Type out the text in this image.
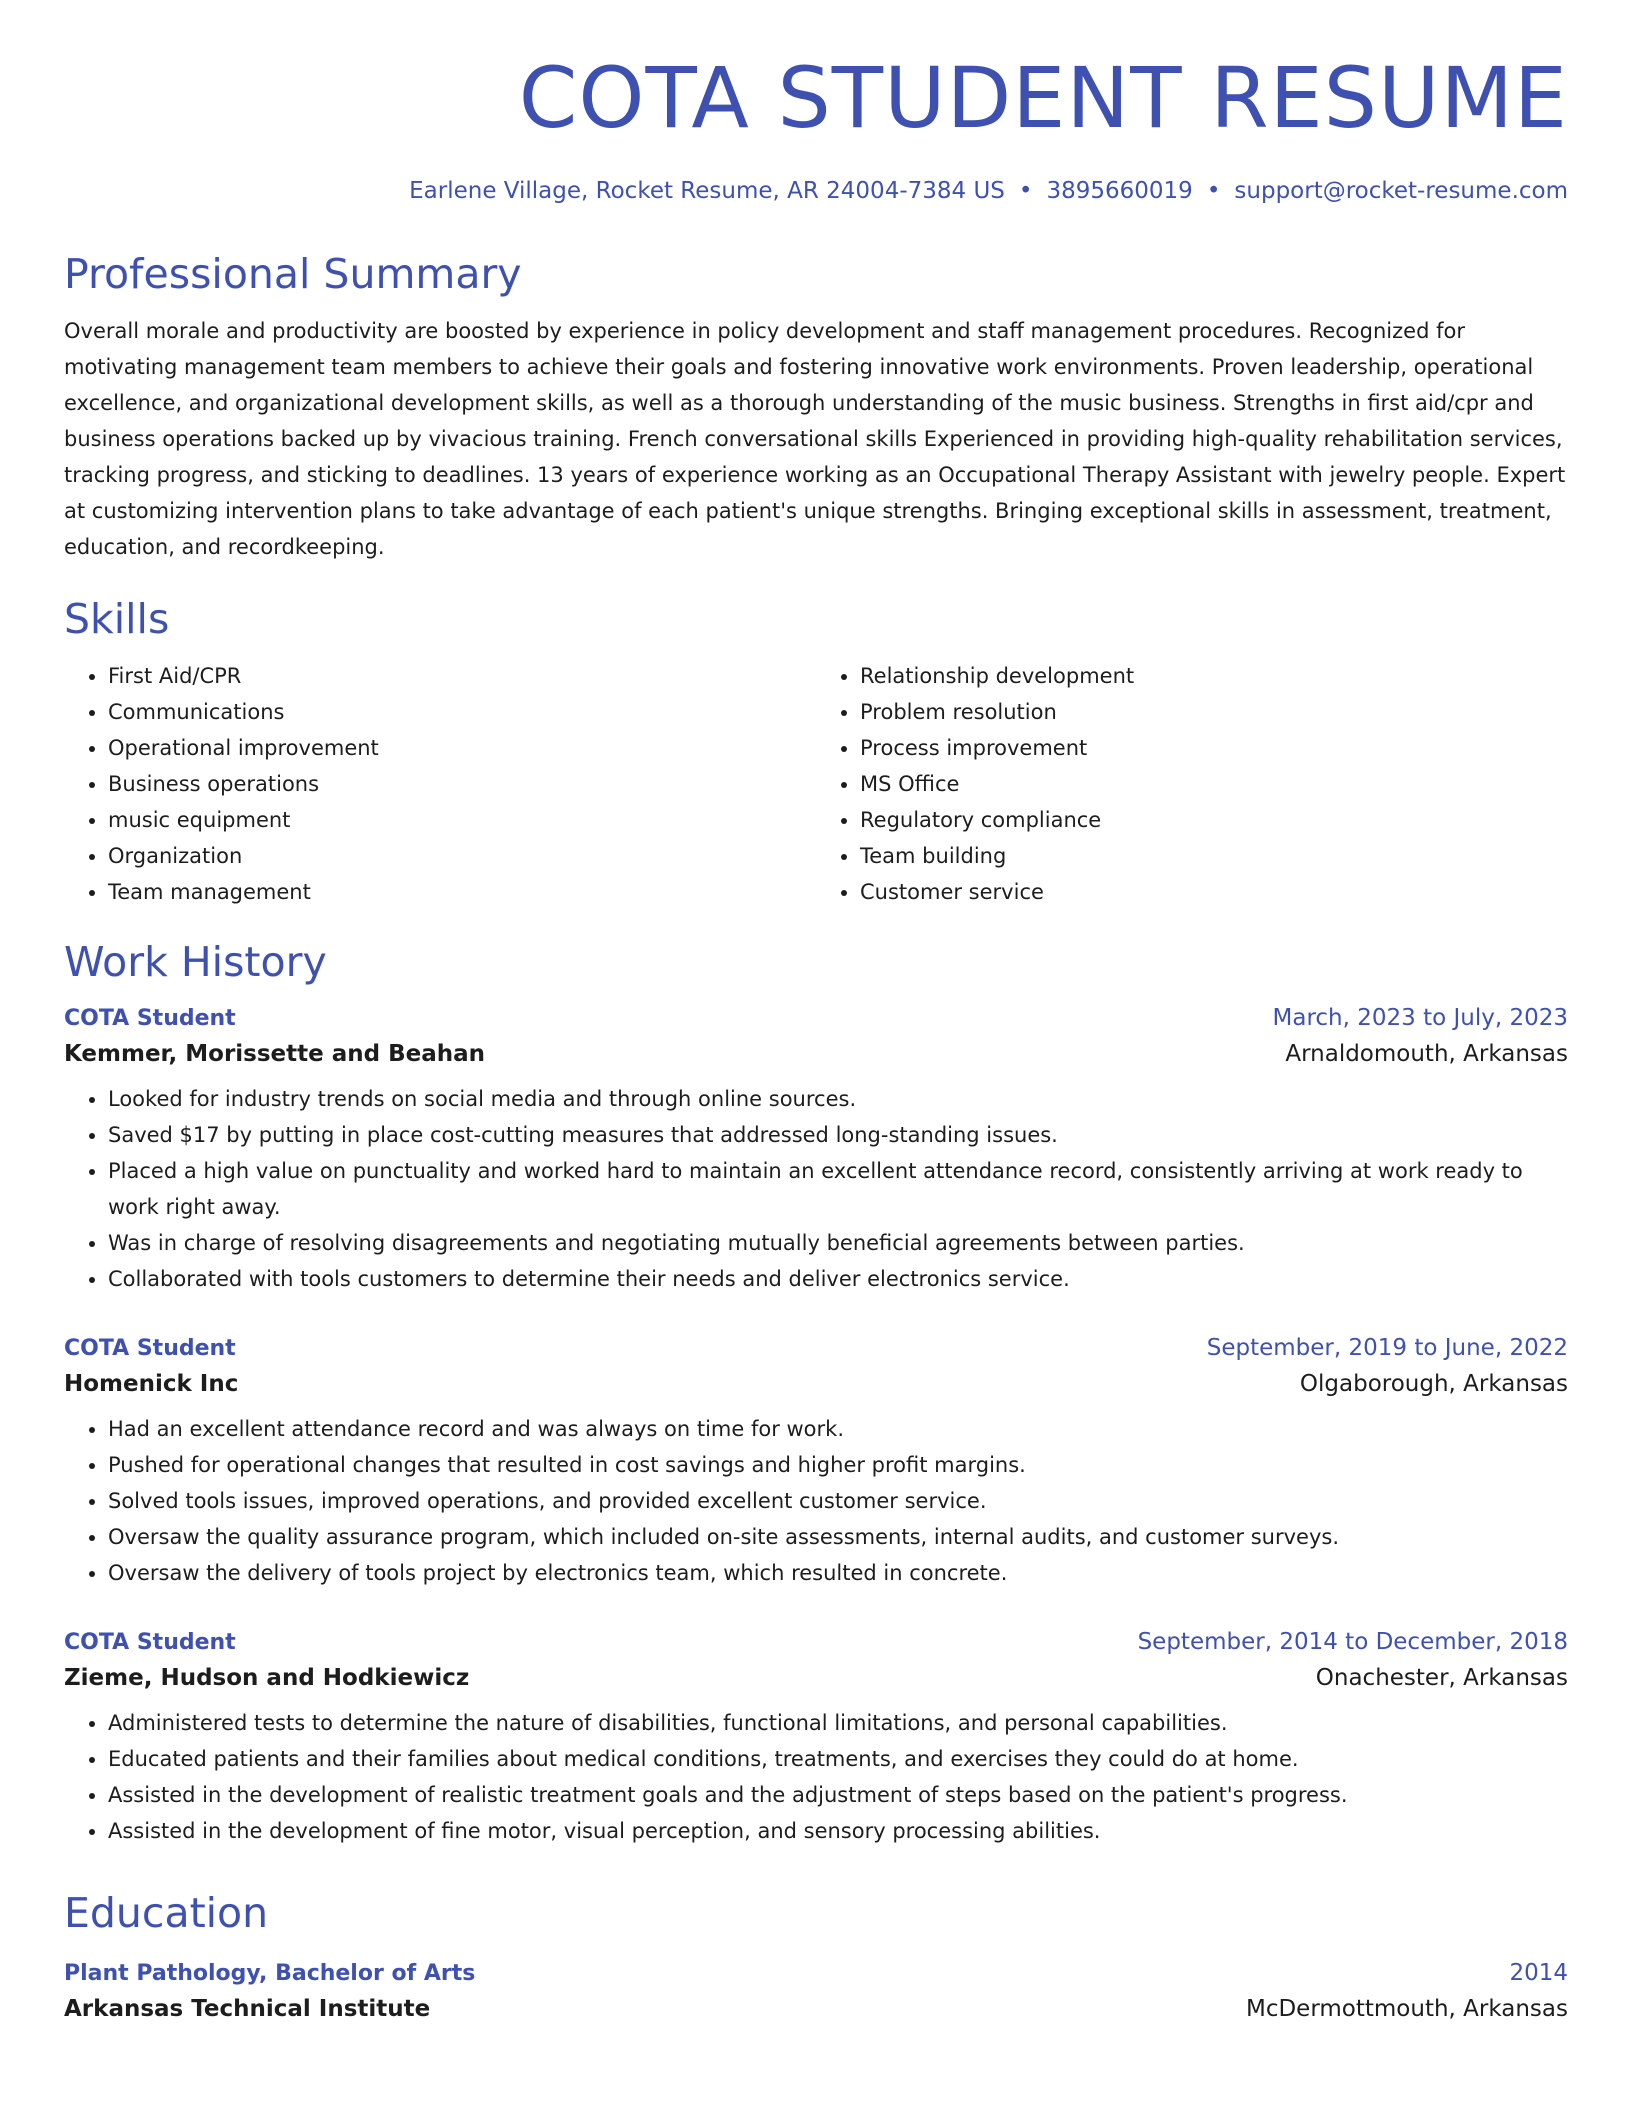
COTA STUDENT RESUME
Earlene Village, Rocket Resume, AR 24004-7384 US • 3895660019 • support@rocket-resume.com
Professional Summary

Overall morale and productivity are boosted by experience in policy development and staff management procedures. Recognized for motivating management team members to achieve their goals and fostering innovative work environments. Proven leadership, operational excellence, and organizational development skills, as well as a thorough understanding of the music business. Strengths in first aid/cpr and business operations backed up by vivacious training. French conversational skills Experienced in providing high-quality rehabilitation services, tracking progress, and sticking to deadlines. 13 years of experience working as an Occupational Therapy Assistant with jewelry people. Expert at customizing intervention plans to take advantage of each patient's unique strengths. Bringing exceptional skills in assessment, treatment, education, and recordkeeping.

Skills
• First Aid/CPR
• Communications
• Operational improvement
• Business operations
• music equipment
• Organization
• Team management
• Relationship development
• Problem resolution
• Process improvement
• MS Office
• Regulatory compliance
• Team building
• Customer service
Work History
COTA Student	March, 2023 to July, 2023
Kemmer, Morissette and Beahan	Arnaldomouth, Arkansas
• Looked for industry trends on social media and through online sources.
• Saved $17 by putting in place cost-cutting measures that addressed long-standing issues.
• Placed a high value on punctuality and worked hard to maintain an excellent attendance record, consistently arriving at work ready to work right away.
• Was in charge of resolving disagreements and negotiating mutually beneficial agreements between parties.
• Collaborated with tools customers to determine their needs and deliver electronics service.
COTA Student	September, 2019 to June, 2022
Homenick Inc	Olgaborough, Arkansas
• Had an excellent attendance record and was always on time for work.
• Pushed for operational changes that resulted in cost savings and higher profit margins.
• Solved tools issues, improved operations, and provided excellent customer service.
• Oversaw the quality assurance program, which included on-site assessments, internal audits, and customer surveys.
• Oversaw the delivery of tools project by electronics team, which resulted in concrete.
COTA Student	September, 2014 to December, 2018
Zieme, Hudson and Hodkiewicz	Onachester, Arkansas
• Administered tests to determine the nature of disabilities, functional limitations, and personal capabilities.
• Educated patients and their families about medical conditions, treatments, and exercises they could do at home.
• Assisted in the development of realistic treatment goals and the adjustment of steps based on the patient's progress.
• Assisted in the development of fine motor, visual perception, and sensory processing abilities.
Education
Plant Pathology, Bachelor of Arts	2014
Arkansas Technical Institute	McDermottmouth, Arkansas
